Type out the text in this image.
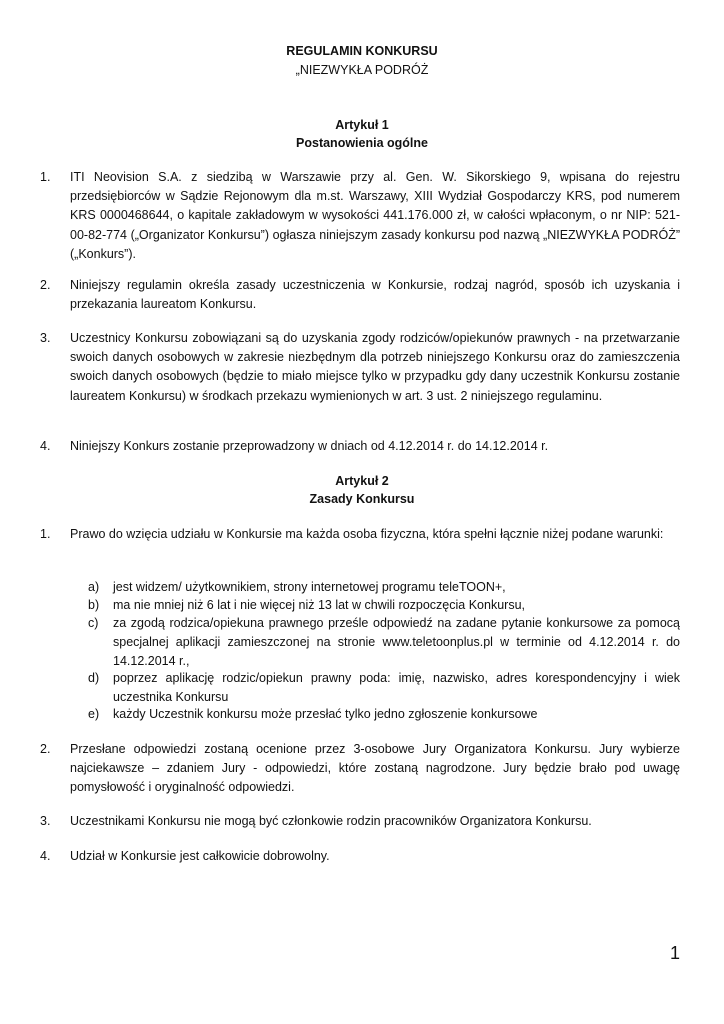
REGULAMIN KONKURSU
„NIEZWYKŁA PODRÓŻ
Artykuł 1
Postanowienia ogólne
1.	ITI Neovision S.A. z siedzibą w Warszawie przy al. Gen. W. Sikorskiego 9, wpisana do rejestru przedsiębiorców w Sądzie Rejonowym dla m.st. Warszawy, XIII Wydział Gospodarczy KRS, pod numerem KRS 0000468644, o kapitale zakładowym w wysokości 441.176.000 zł, w całości wpłaconym, o nr NIP: 521-00-82-774 („Organizator Konkursu”) ogłasza niniejszym zasady konkursu pod nazwą „NIEZWYKŁA PODRÓŻ” („Konkurs”).
2.	Niniejszy regulamin określa zasady uczestniczenia w Konkursie, rodzaj nagród, sposób ich uzyskania i przekazania laureatom Konkursu.
3.	Uczestnicy Konkursu zobowiązani są do uzyskania zgody rodziców/opiekunów prawnych - na przetwarzanie swoich danych osobowych w zakresie niezbędnym dla potrzeb niniejszego Konkursu oraz do zamieszczenia swoich danych osobowych (będzie to miało miejsce tylko w przypadku gdy dany uczestnik Konkursu zostanie laureatem Konkursu) w środkach przekazu wymienionych w art. 3 ust. 2 niniejszego regulaminu.
4.	Niniejszy Konkurs zostanie przeprowadzony w dniach od 4.12.2014 r. do 14.12.2014 r.
Artykuł 2
Zasady Konkursu
1.	Prawo do wzięcia udziału w Konkursie ma każda osoba fizyczna, która spełni łącznie niżej podane warunki:
a)	jest widzem/ użytkownikiem, strony internetowej programu teleTOON+,
b)	ma nie mniej niż 6 lat i nie więcej niż 13 lat w chwili rozpoczęcia Konkursu,
c)	za zgodą rodzica/opiekuna prawnego prześle odpowiedź na zadane pytanie konkursowe za pomocą specjalnej aplikacji zamieszczonej na stronie www.teletoonplus.pl w terminie od 4.12.2014 r. do 14.12.2014 r.,
d)	poprzez aplikację rodzic/opiekun prawny poda: imię, nazwisko, adres korespondencyjny i wiek uczestnika Konkursu
e)	każdy Uczestnik konkursu może przesłać tylko jedno zgłoszenie konkursowe
2.	Przesłane odpowiedzi zostaną ocenione przez 3-osobowe Jury Organizatora Konkursu. Jury wybierze najciekawsze – zdaniem Jury - odpowiedzi, które zostaną nagrodzone. Jury będzie brało pod uwagę pomysłowość i oryginalność odpowiedzi.
3.	Uczestnikami Konkursu nie mogą być członkowie rodzin pracowników Organizatora Konkursu.
4.	Udział w Konkursie jest całkowicie dobrowolny.
1
